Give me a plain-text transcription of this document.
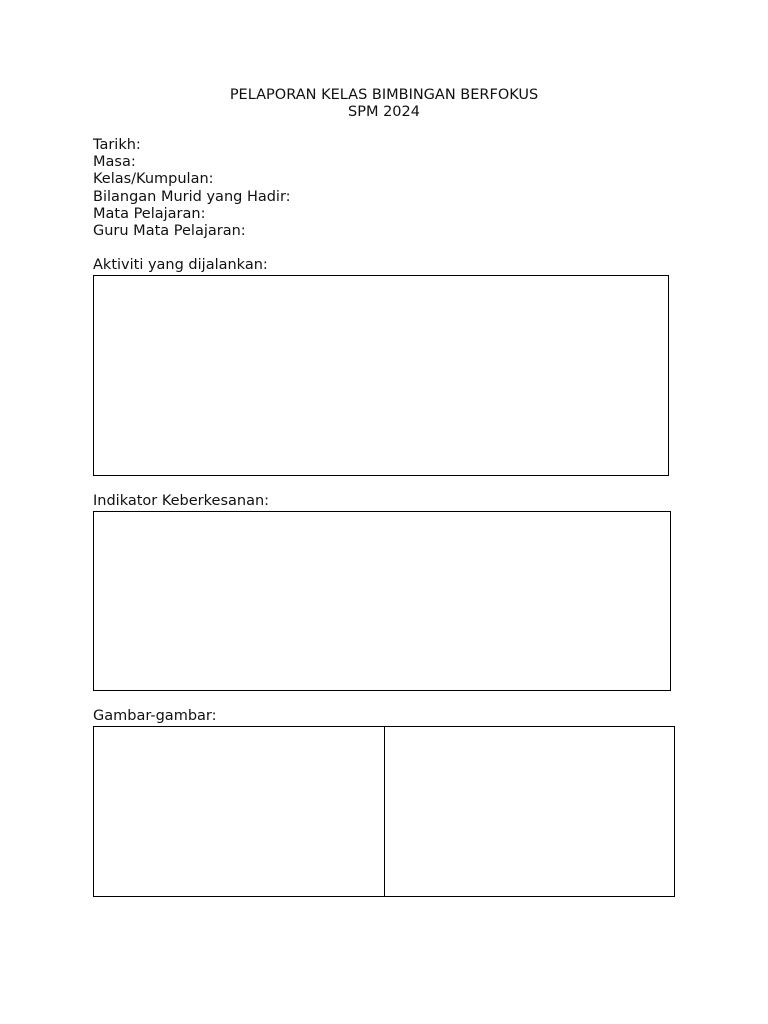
PELAPORAN KELAS BIMBINGAN BERFOKUS
SPM 2024
Tarikh:
Masa:
Kelas/Kumpulan:
Bilangan Murid yang Hadir:
Mata Pelajaran:
Guru Mata Pelajaran:
Aktiviti yang dijalankan:
Indikator Keberkesanan:
Gambar-gambar:
